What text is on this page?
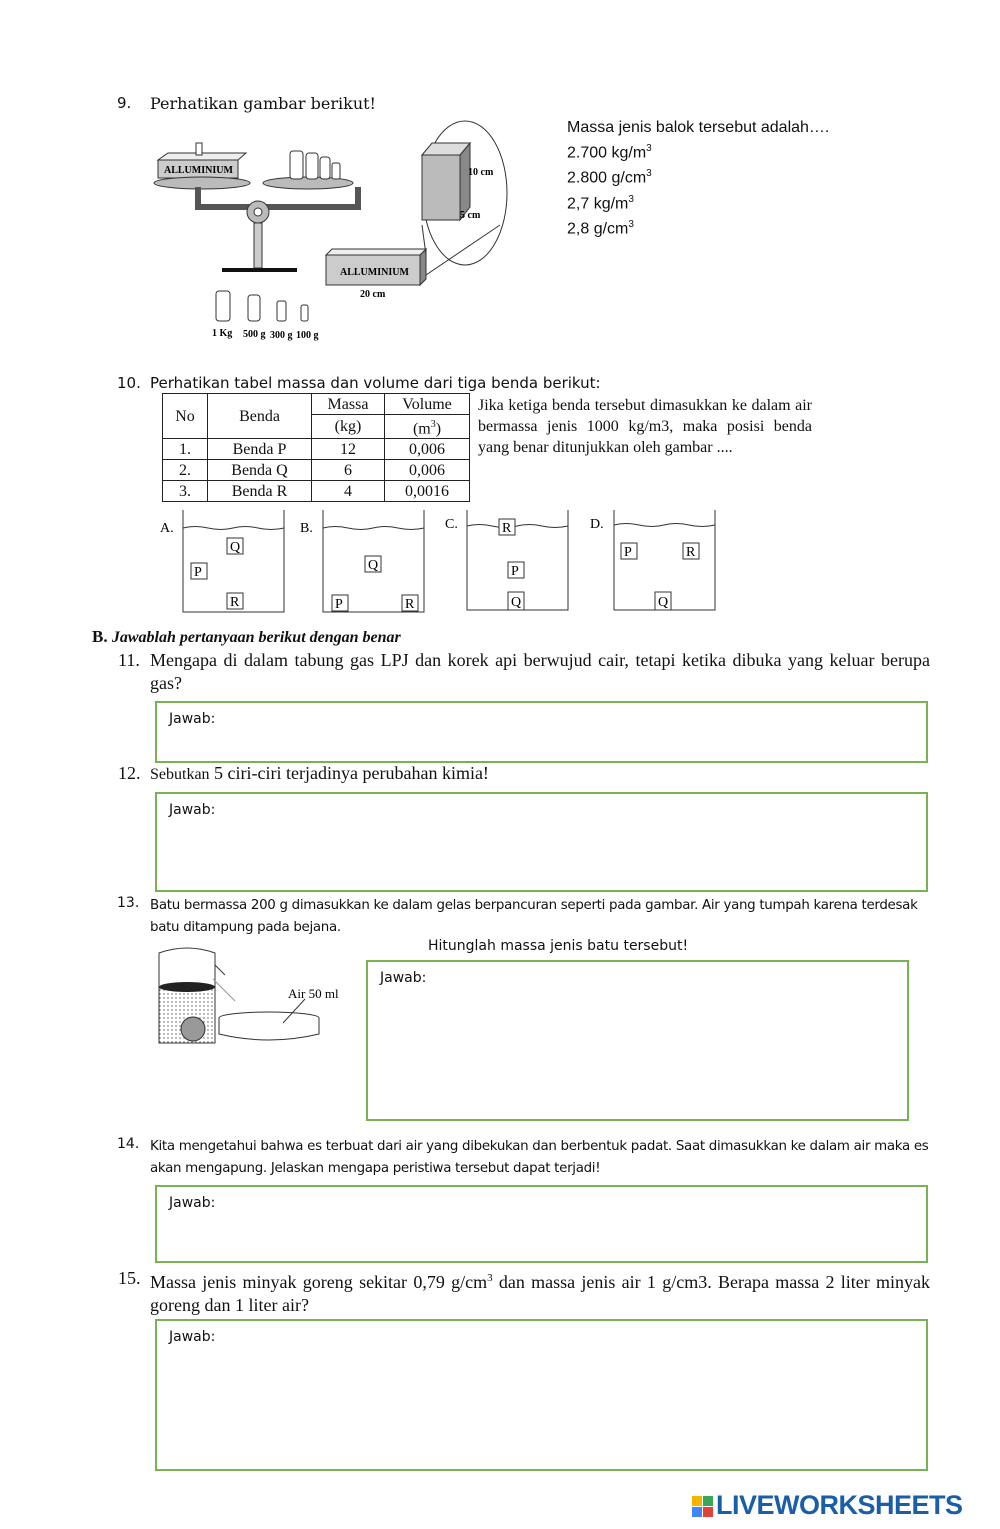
9. Perhatikan gambar berikut!
ALLUMINIUM
ALLUMINIUM
20 cm
10 cm
5 cm
1 Kg 500 g 300 g 100 g
Massa jenis balok tersebut adalah….
2.700 $kg/m^3$
2.800 $g/cm^3$
2,7 $kg/m^3$
2,8 $g/cm^3$
10. Perhatikan tabel massa dan volume dari tiga benda berikut:
No	Benda	Massa	Volume
		(kg)	$(m^3)$
1.	Benda P	12	0,006
2.	Benda Q	6	0,006
3.	Benda R	4	0,0016
Jika ketiga benda tersebut dimasukkan ke dalam air bermassa jenis 1000 kg/m3, maka posisi benda yang benar ditunjukkan oleh gambar ....
A.
Q
P
R
B.
Q
P	R
C.	R
P
Q
D.
P	R
Q
B. Jawablah pertanyaan berikut dengan benar
11. Mengapa di dalam tabung gas LPJ dan korek api berwujud cair, tetapi ketika dibuka yang keluar berupa gas?
Jawab:
12. Sebutkan 5 ciri-ciri terjadinya perubahan kimia!
Jawab:
13. Batu bermassa 200 g dimasukkan ke dalam gelas berpancuran seperti pada gambar. Air yang tumpah karena terdesak batu ditampung pada bejana.
Hitunglah massa jenis batu tersebut!
Air 50 ml
Jawab:
14. Kita mengetahui bahwa es terbuat dari air yang dibekukan dan berbentuk padat. Saat dimasukkan ke dalam air maka es akan mengapung. Jelaskan mengapa peristiwa tersebut dapat terjadi!
Jawab:
15. Massa jenis minyak goreng sekitar 0,79 $g/cm^3$ dan massa jenis air 1 g/cm3. Berapa massa 2 liter minyak goreng dan 1 liter air?
Jawab:
LIVEWORKSHEETS
